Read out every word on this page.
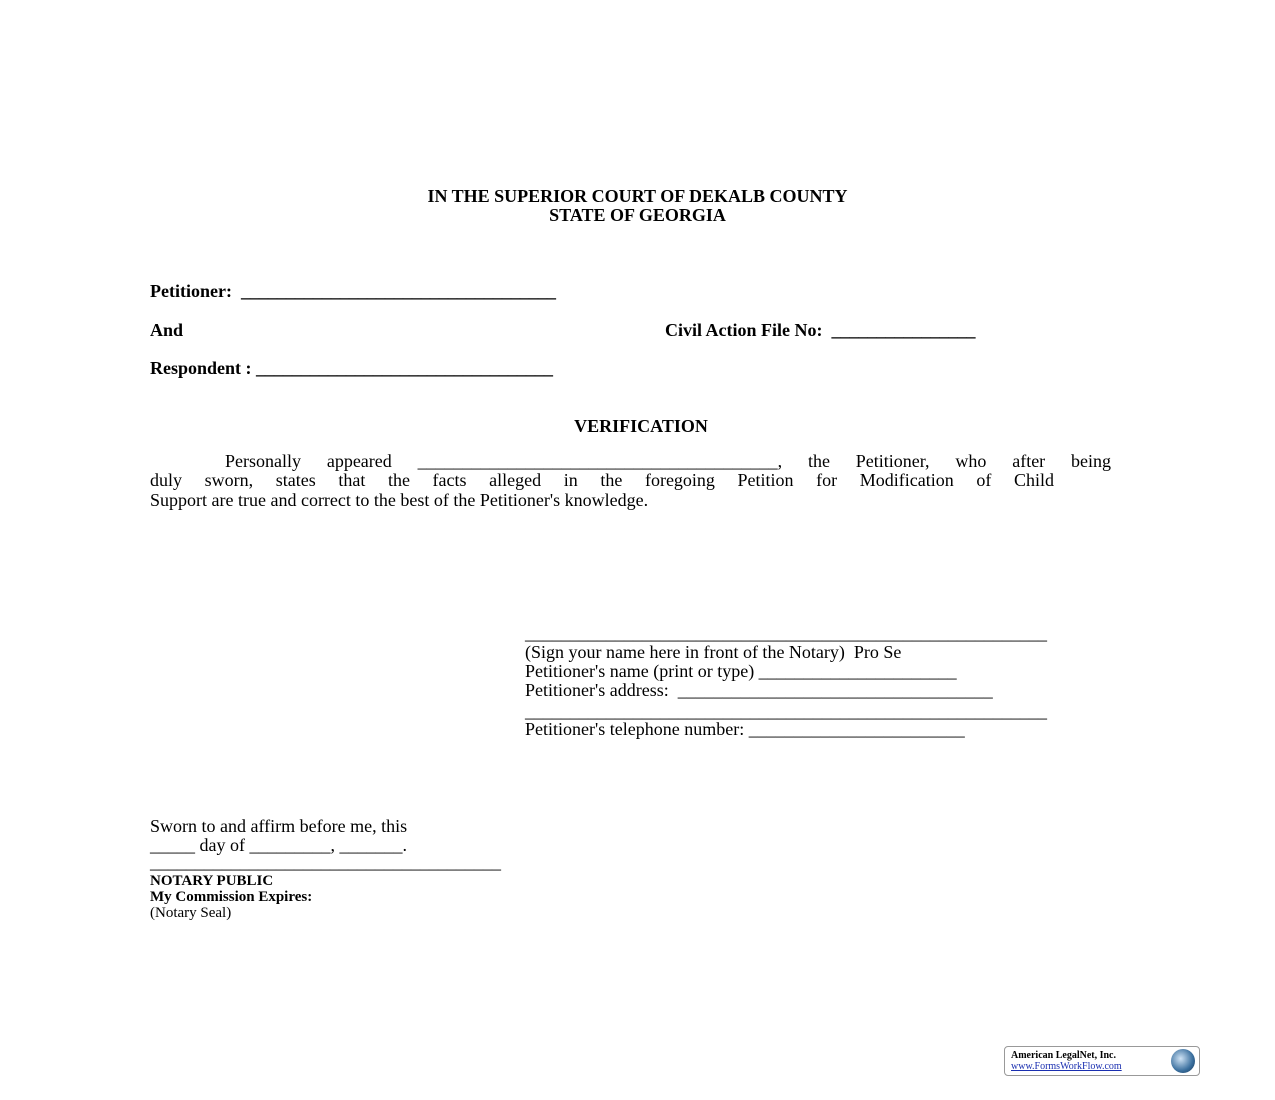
IN THE SUPERIOR COURT OF DEKALB COUNTY
STATE OF GEORGIA
Petitioner:  ___________________________________
And	Civil Action File No:  ________________
Respondent : _________________________________
VERIFICATION
Personally appeared ________________________________________, the Petitioner, who after being
duly sworn, states that the facts alleged in the foregoing Petition for Modification of Child
Support are true and correct to the best of the Petitioner's knowledge.
__________________________________________________________
(Sign your name here in front of the Notary)  Pro Se
Petitioner's name (print or type) ______________________
Petitioner's address:  ___________________________________
__________________________________________________________
Petitioner's telephone number: ________________________
Sworn to and affirm before me, this
_____ day of _________, _______.
_______________________________________
NOTARY PUBLIC
My Commission Expires:
(Notary Seal)
American LegalNet, Inc.
www.FormsWorkFlow.com
